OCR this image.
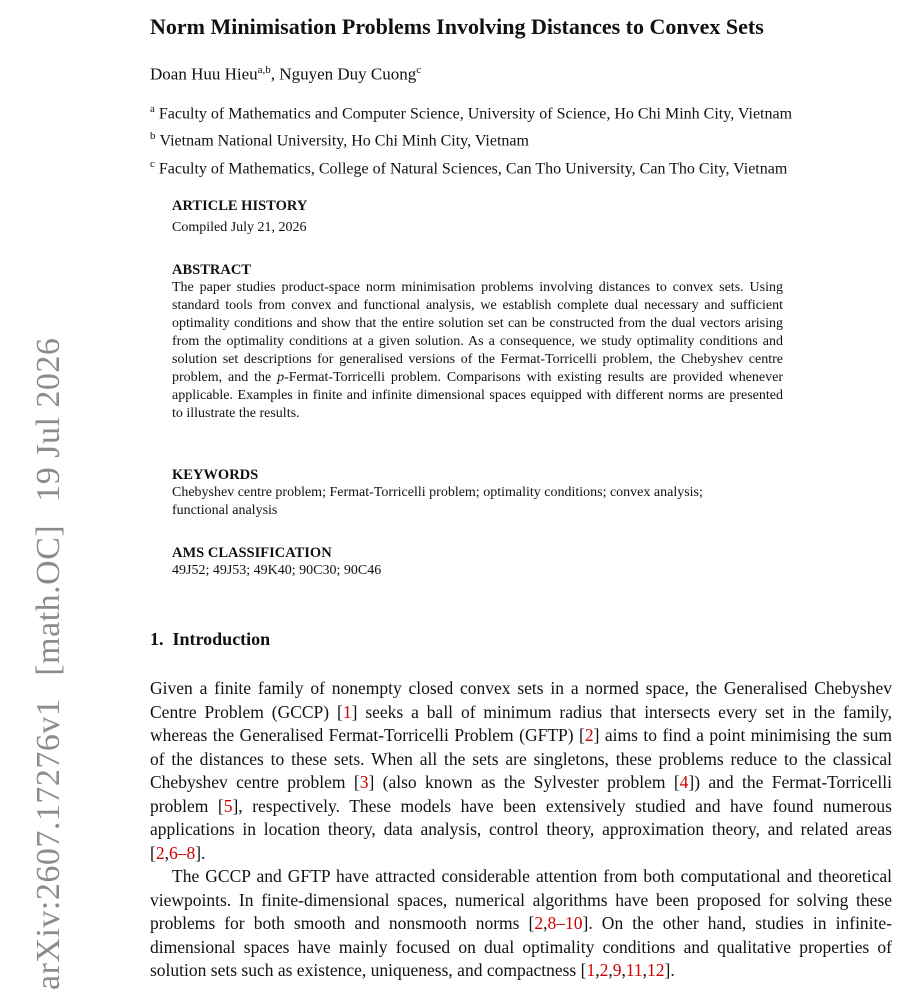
arXiv:2607.17276v1 [math.OC] 19 Jul 2026
Norm Minimisation Problems Involving Distances to Convex Sets
Doan Huu Hieu$^{a,b}$, Nguyen Duy Cuong$^c$
$^a$ Faculty of Mathematics and Computer Science, University of Science, Ho Chi Minh City, Vietnam
$^b$ Vietnam National University, Ho Chi Minh City, Vietnam
$^c$ Faculty of Mathematics, College of Natural Sciences, Can Tho University, Can Tho City, Vietnam
ARTICLE HISTORY

Compiled July 21, 2026

ABSTRACT

The paper studies product-space norm minimisation problems involving distances to convex sets. Using standard tools from convex and functional analysis, we establish complete dual necessary and sufficient optimality conditions and show that the entire solution set can be constructed from the dual vectors arising from the optimality conditions at a given solution. As a consequence, we study optimality conditions and solution set descriptions for generalised versions of the Fermat-Torricelli problem, the Chebyshev centre problem, and the p-Fermat-Torricelli problem. Comparisons with existing results are provided whenever applicable. Examples in finite and infinite dimensional spaces equipped with different norms are presented to illustrate the results.

KEYWORDS

Chebyshev centre problem; Fermat-Torricelli problem; optimality conditions; convex analysis; functional analysis

AMS CLASSIFICATION

49J52; 49J53; 49K40; 90C30; 90C46

1. Introduction

Given a finite family of nonempty closed convex sets in a normed space, the Generalised Chebyshev Centre Problem (GCCP) [1] seeks a ball of minimum radius that intersects every set in the family, whereas the Generalised Fermat-Torricelli Problem (GFTP) [2] aims to find a point minimising the sum of the distances to these sets. When all the sets are singletons, these problems reduce to the classical Chebyshev centre problem [3] (also known as the Sylvester problem [4]) and the Fermat-Torricelli problem [5], respectively. These models have been extensively studied and have found numerous applications in location theory, data analysis, control theory, approximation theory, and related areas [2,6–8].

The GCCP and GFTP have attracted considerable attention from both computational and theoretical viewpoints. In finite-dimensional spaces, numerical algorithms have been proposed for solving these problems for both smooth and nonsmooth norms [2,8–10]. On the other hand, studies in infinite-dimensional spaces have mainly focused on dual optimality conditions and qualitative properties of solution sets such as existence, uniqueness, and compactness [1,2,9,11,12].
